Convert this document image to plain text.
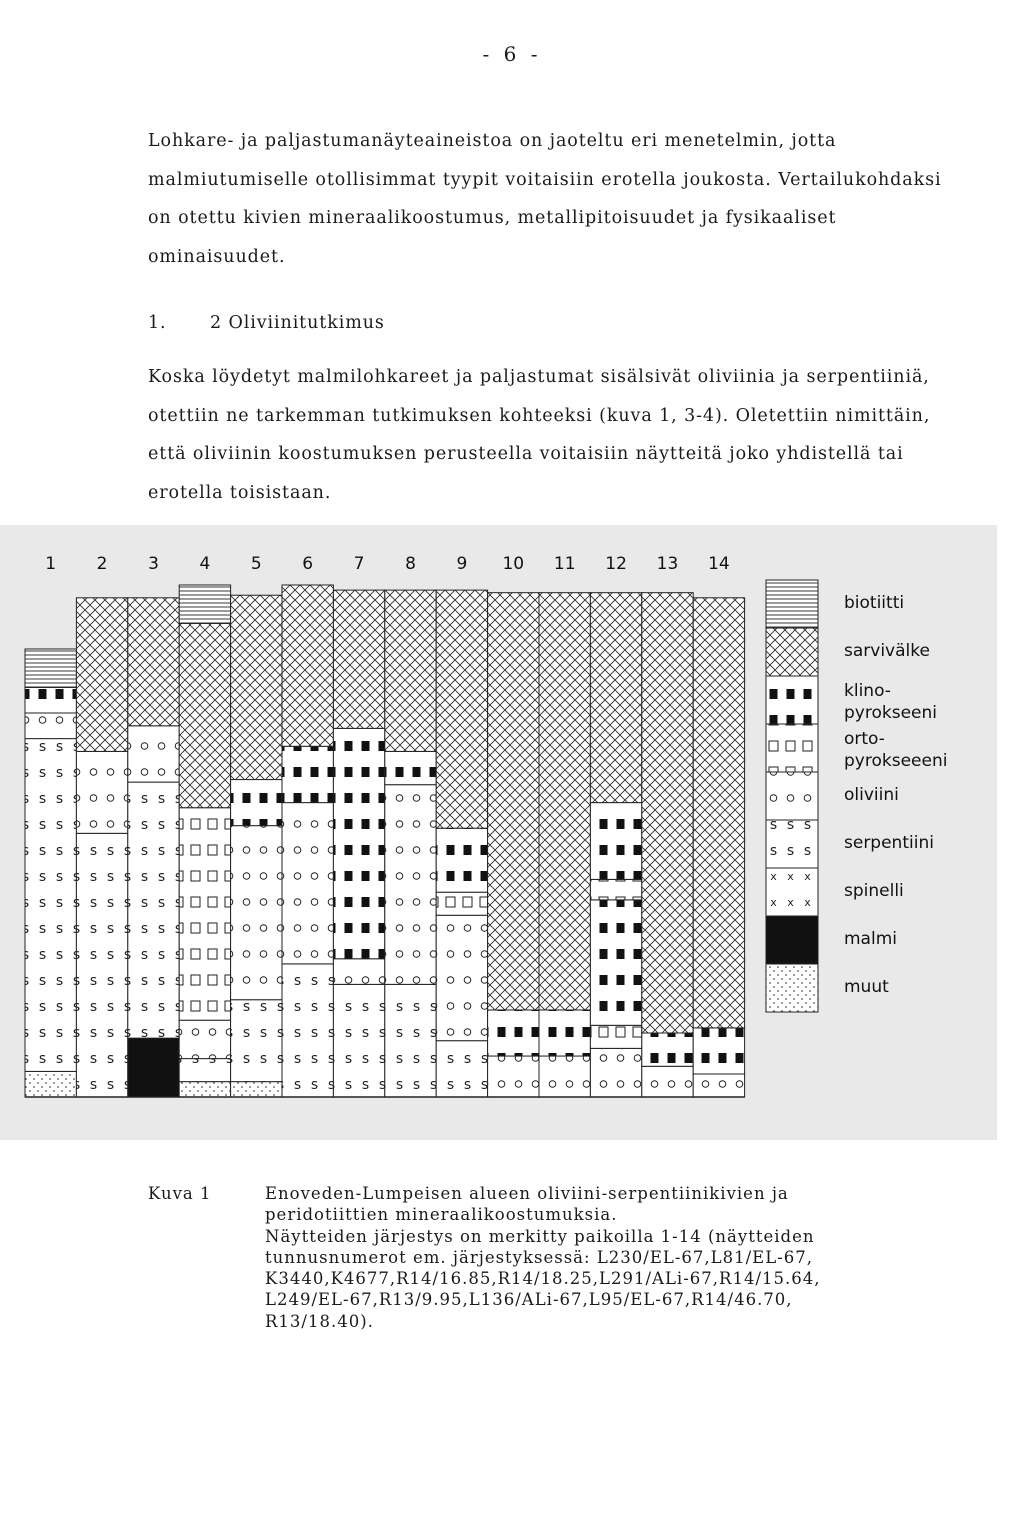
- 6 -

Lohkare- ja paljastumanäyteaineistoa on jaoteltu eri menetelmin, jotta malmiutumiselle otollisimmat tyypit voitaisiin erotella joukosta. Vertailukohdaksi on otettu kivien mineraalikoostumus, metallipitoisuudet ja fysikaaliset ominaisuudet.

1. 2 Oliviinitutkimus

Koska löydetyt malmilohkareet ja paljastumat sisälsivät oliviinia ja serpentiiniä, otettiin ne tarkemman tutkimuksen kohteeksi (kuva 1, 3-4). Oletettiin nimittäin, että oliviinin koostumuksen perusteella voitaisiin näytteitä joko yhdistellä tai erotella toisistaan.

1 2 3 4 5 6 7 8 9 10 11 12 13 14
biotiitti
sarvivälke
klino-pyrokseeni
orto-pyrokseeeni
oliviini
serpentiini
spinelli
malmi
muut
Kuva 1	Enoveden-Lumpeisen alueen oliviini-serpentiinikivien ja
peridotiittien mineraalikoostumuksia.
Näytteiden järjestys on merkitty paikoilla 1-14 (näytteiden
tunnusnumerot em. järjestyksessä: L230/EL-67,L81/EL-67,
K3440,K4677,R14/16.85,R14/18.25,L291/ALi-67,R14/15.64,
L249/EL-67,R13/9.95,L136/ALi-67,L95/EL-67,R14/46.70,
R13/18.40).
